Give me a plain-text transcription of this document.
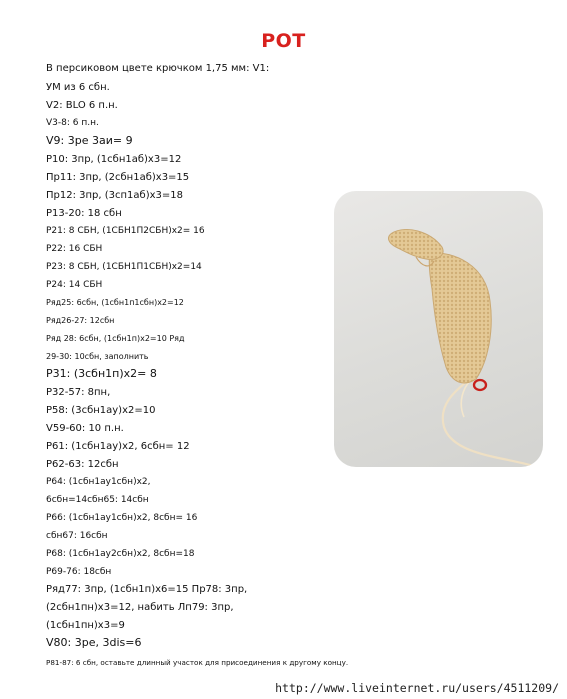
РОТ
В персиковом цвете крючком 1,75 мм: V1:
УМ из 6 сбн.
V2: BLO 6 п.н.
V3-8: 6 п.н.
V9: 3ре 3аи= 9
P10: 3пр, (1сбн1аб)x3=12
Пр11: 3пр, (2сбн1аб)x3=15
Пр12: 3пр, (3сп1аб)x3=18
P13-20: 18 сбн
P21: 8 СБН, (1СБН1П2СБН)x2= 16
P22: 16 СБН
P23: 8 СБН, (1СБН1П1СБН)x2=14
P24: 14 СБН
Ряд25: 6сбн, (1сбн1п1сбн)x2=12
Ряд26-27: 12сбн
Ряд 28: 6сбн, (1сбн1п)x2=10 Ряд
29-30: 10сбн, заполнить
P31: (3сбн1п)x2= 8
P32-57: 8пн,
P58: (3сбн1ау)x2=10
V59-60: 10 п.н.
P61: (1сбн1ау)x2, 6сбн= 12
P62-63: 12сбн
P64: (1сбн1ау1сбн)x2,
6сбн=14сбн65: 14сбн
P66: (1сбн1ау1сбн)x2, 8сбн= 16
сбн67: 16сбн
P68: (1сбн1ау2сбн)x2, 8сбн=18
P69-76: 18сбн
Ряд77: 3пр, (1сбн1п)x6=15 Пр78: 3пр,
(2сбн1пн)x3=12, набить Лп79: 3пр,
(1сбн1пн)x3=9
V80: 3ре, 3dis=6
P81-87: 6 сбн, оставьте длинный участок для присоединения к другому концу.
http://www.liveinternet.ru/users/4511209/
